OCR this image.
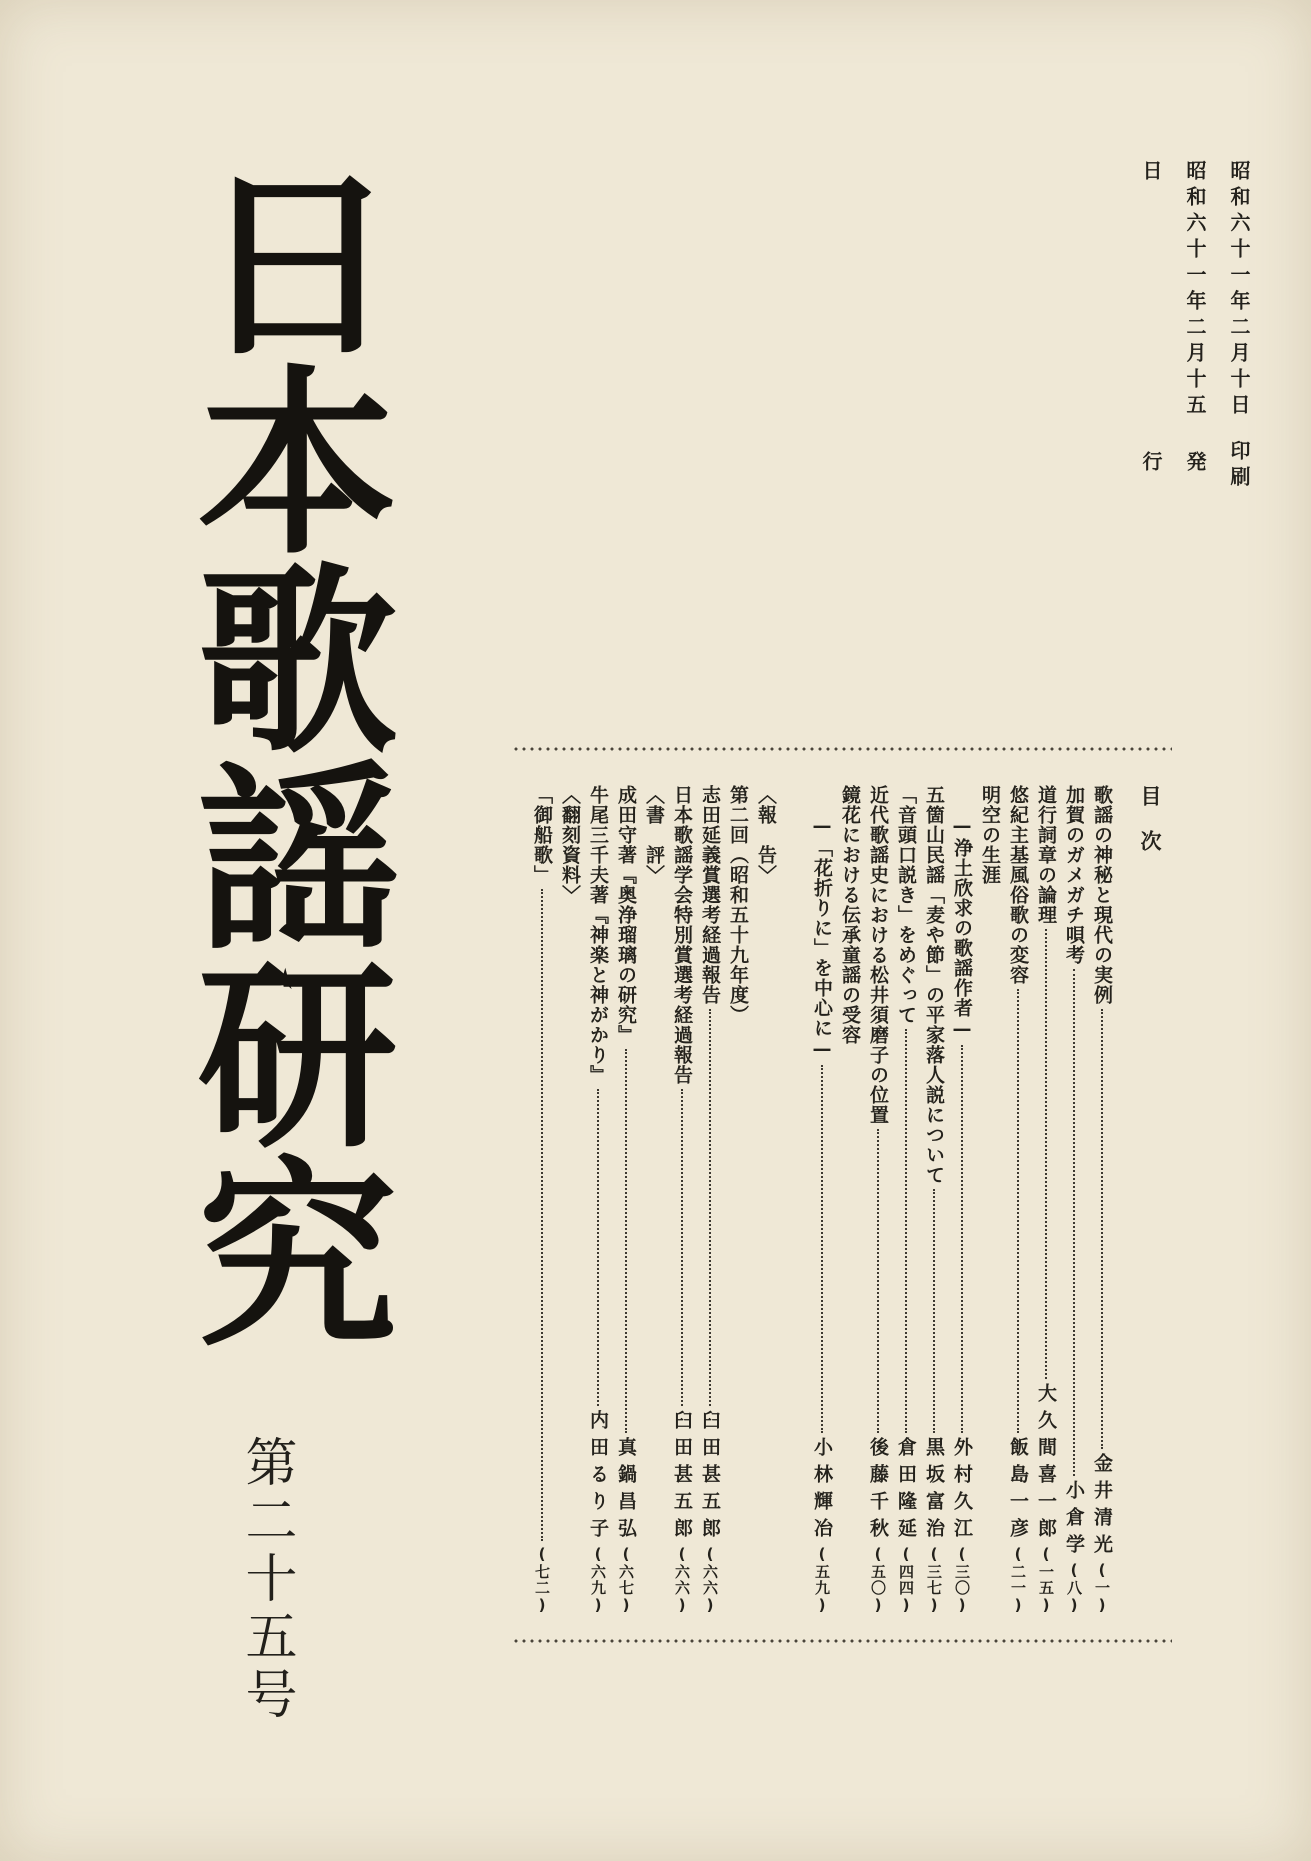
昭和六十一年二月十日
印刷
昭和六十一年二月十五日
発行
日本歌謡研究
第二十五号
目次
歌謡の神秘と現代の実例
金井清光
(一)
加賀のガメガチ唄考
小倉学
(八)
道行詞章の論理
大久間喜一郎
(一五)
悠紀主基風俗歌の変容
飯島一彦
(二一)
明空の生涯
—浄土欣求の歌謡作者—
外村久江
(三〇)
五箇山民謡「麦や節」の平家落人説について
黒坂富治
(三七)
「音頭口説き」をめぐって
倉田隆延
(四四)
近代歌謡史における松井須磨子の位置
後藤千秋
(五〇)
鏡花における伝承童謡の受容
—「花折りに」を中心に—
小林輝冶
(五九)
〈報　告〉
第二回（昭和五十九年度）
志田延義賞選考経過報告
臼田甚五郎
(六六)
日本歌謡学会特別賞選考経過報告
臼田甚五郎
(六六)
〈書　評〉
成田守著『奥浄瑠璃の研究』
真鍋昌弘
(六七)
牛尾三千夫著『神楽と神がかり』
内田るり子
(六九)
〈翻刻資料〉
「御船歌」
(七二)
